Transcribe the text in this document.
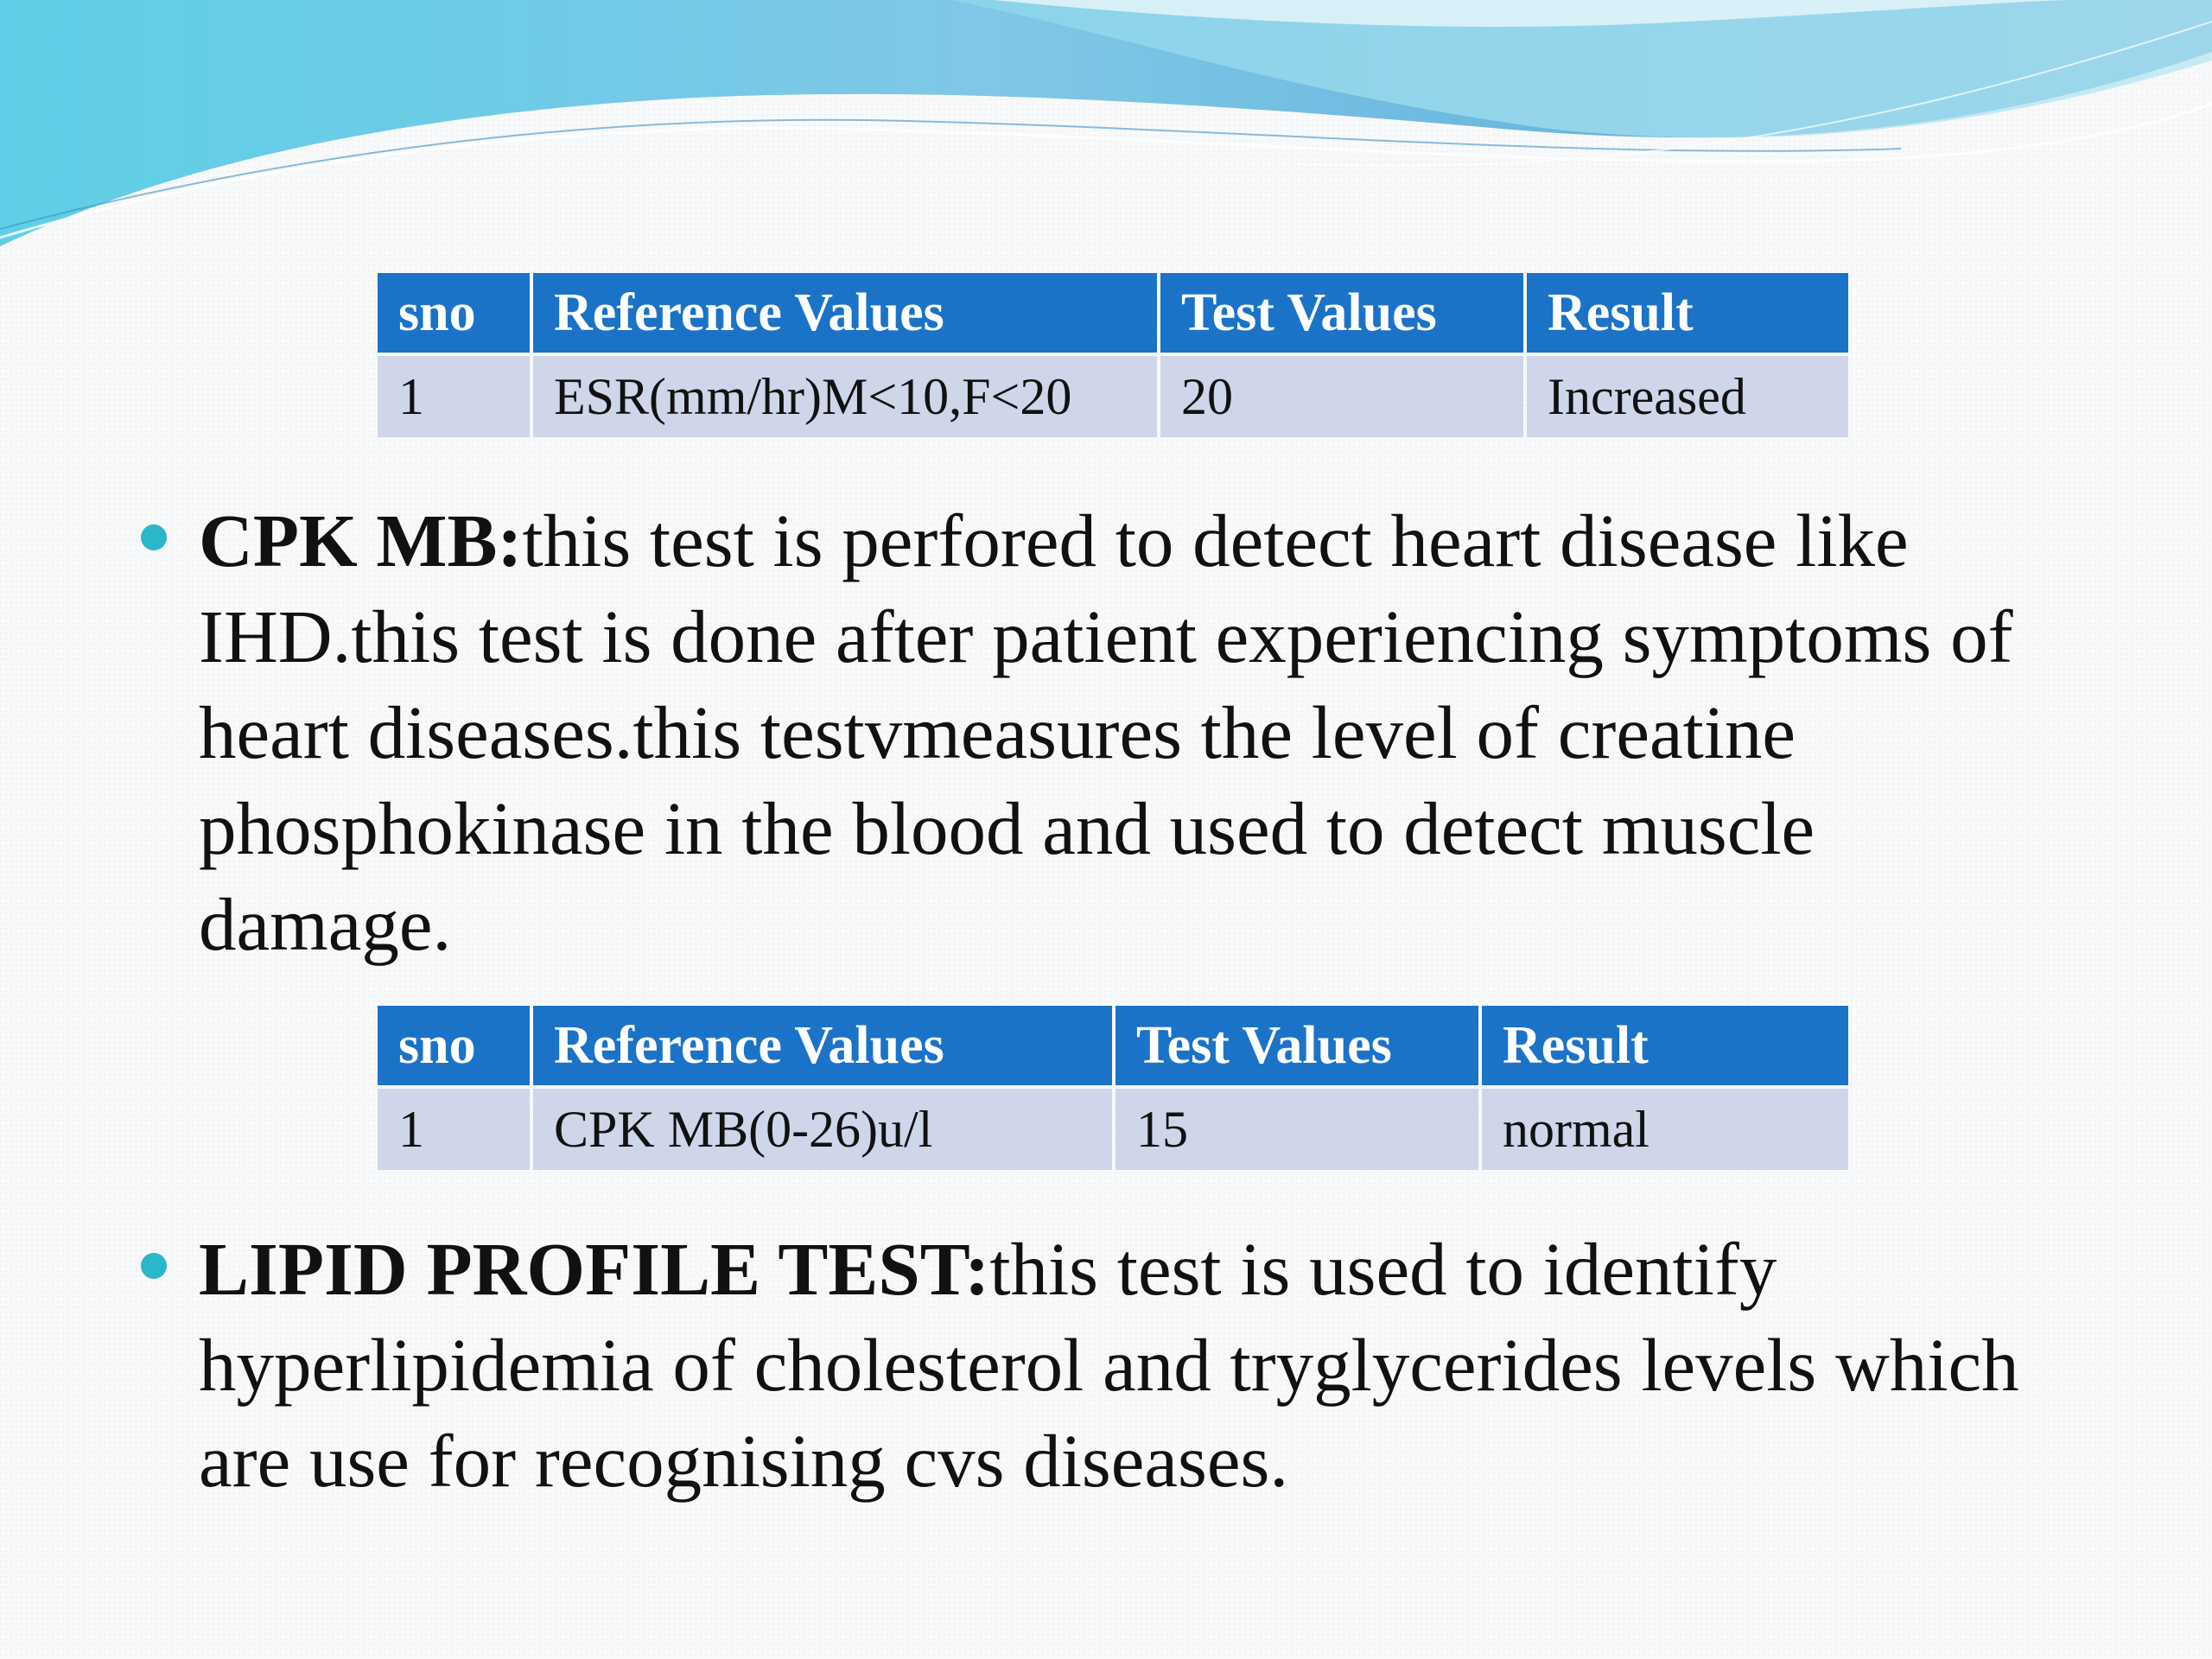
sno	Reference Values	Test Values	Result
1	ESR(mm/hr)M<10,F<20	20	Increased
CPK MB:this test is perfored to detect heart disease like IHD.this test is done after patient experiencing symptoms of heart diseases.this testvmeasures the level of creatine phosphokinase in the blood and used to detect muscle damage.
sno	Reference Values	Test Values	Result
1	CPK MB(0-26)u/l	15	normal
LIPID PROFILE TEST:this test is used to identify hyperlipidemia of cholesterol and tryglycerides levels which are use for recognising cvs diseases.
